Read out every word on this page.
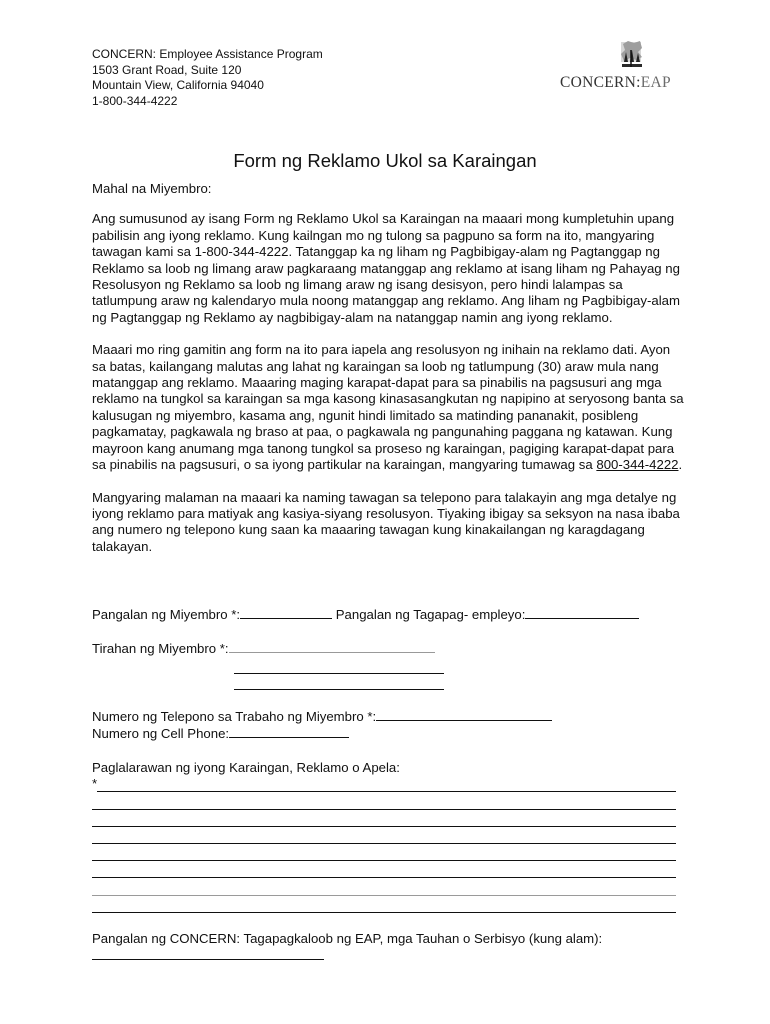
CONCERN: Employee Assistance Program
1503 Grant Road, Suite 120
Mountain View, California 94040
1-800-344-4222
CONCERN:EAP
Form ng Reklamo Ukol sa Karaingan

Mahal na Miyembro:

Ang sumusunod ay isang Form ng Reklamo Ukol sa Karaingan na maaari mong kumpletuhin upang pabilisin ang iyong reklamo. Kung kailngan mo ng tulong sa pagpuno sa form na ito, mangyaring tawagan kami sa 1-800-344-4222. Tatanggap ka ng liham ng Pagbibigay-alam ng Pagtanggap ng Reklamo sa loob ng limang araw pagkaraang matanggap ang reklamo at isang liham ng Pahayag ng Resolusyon ng Reklamo sa loob ng limang araw ng isang desisyon, pero hindi lalampas sa tatlumpung araw ng kalendaryo mula noong matanggap ang reklamo. Ang liham ng Pagbibigay-alam ng Pagtanggap ng Reklamo ay nagbibigay-alam na natanggap namin ang iyong reklamo.

Maaari mo ring gamitin ang form na ito para iapela ang resolusyon ng inihain na reklamo dati. Ayon sa batas, kailangang malutas ang lahat ng karaingan sa loob ng tatlumpung (30) araw mula nang matanggap ang reklamo. Maaaring maging karapat-dapat para sa pinabilis na pagsusuri ang mga reklamo na tungkol sa karaingan sa mga kasong kinasasangkutan ng napipino at seryosong banta sa kalusugan ng miyembro, kasama ang, ngunit hindi limitado sa matinding pananakit, posibleng pagkamatay, pagkawala ng braso at paa, o pagkawala ng pangunahing paggana ng katawan. Kung mayroon kang anumang mga tanong tungkol sa proseso ng karaingan, pagiging karapat-dapat para sa pinabilis na pagsusuri, o sa iyong partikular na karaingan, mangyaring tumawag sa 800-344-4222.

Mangyaring malaman na maaari ka naming tawagan sa telepono para talakayin ang mga detalye ng iyong reklamo para matiyak ang kasiya-siyang resolusyon. Tiyaking ibigay sa seksyon na nasa ibaba ang numero ng telepono kung saan ka maaaring tawagan kung kinakailangan ng karagdagang talakayan.

Pangalan ng Miyembro *:	Pangalan ng Tagapag- empleyo:
Tirahan ng Miyembro *:
Numero ng Telepono sa Trabaho ng Miyembro *:
Numero ng Cell Phone:
Paglalarawan ng iyong Karaingan, Reklamo o Apela:
*
Pangalan ng CONCERN: Tagapagkaloob ng EAP, mga Tauhan o Serbisyo (kung alam):
